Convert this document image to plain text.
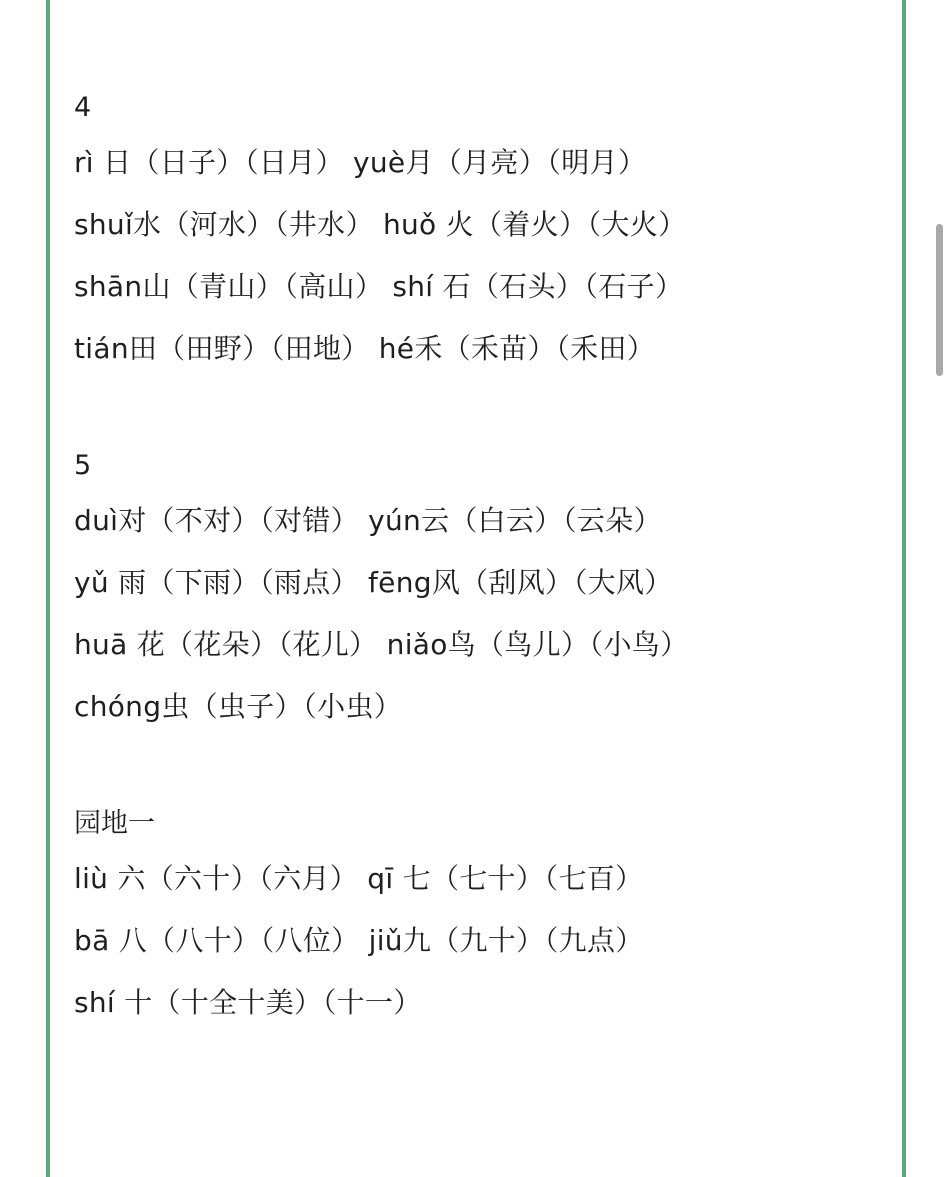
4
rì 日（日子）（日月） yuè月（月亮）（明月）
shuǐ水（河水）（井水） huǒ 火（着火）（大火）
shān山（青山）（高山） shí 石（石头）（石子）
tián田（田野）（田地） hé禾（禾苗）（禾田）
5
duì对（不对）（对错） yún云（白云）（云朵）
yǔ 雨（下雨）（雨点） fēng风（刮风）（大风）
huā 花（花朵）（花儿） niǎo鸟（鸟儿）（小鸟）
chóng虫（虫子）（小虫）
园地一
liù 六（六十）（六月） qī 七（七十）（七百）
bā 八（八十）（八位） jiǔ九（九十）（九点）
shí 十（十全十美）（十一）
